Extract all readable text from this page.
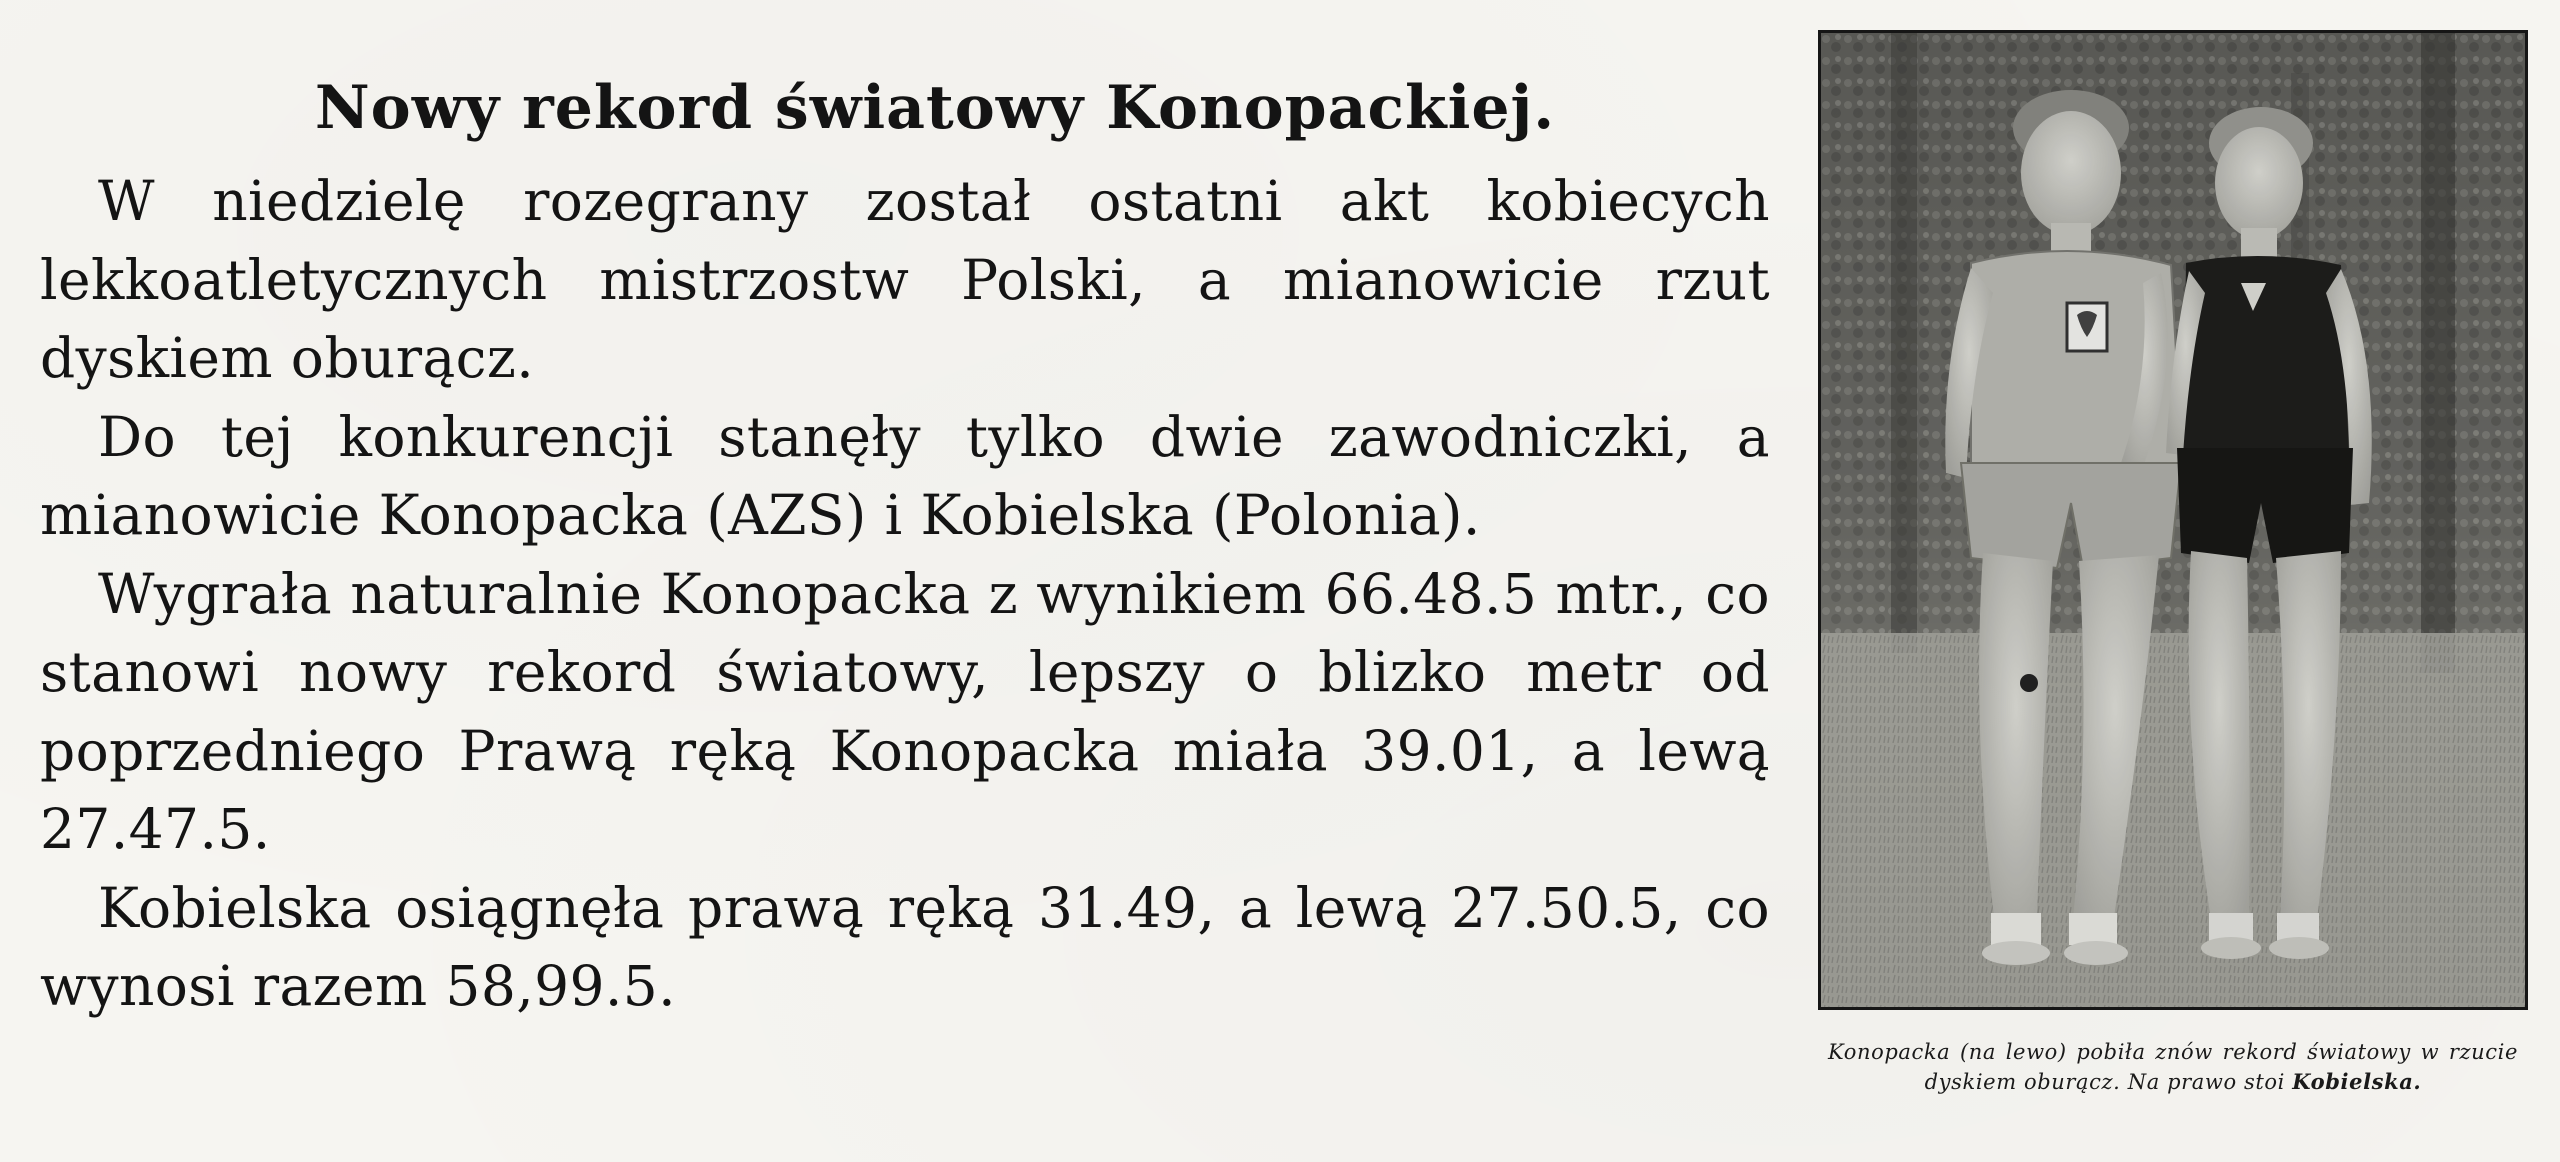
Nowy rekord światowy Konopackiej.

W niedzielę rozegrany został ostatni akt kobiecych lekkoatletycznych mistrzostw Polski, a mianowicie rzut dyskiem oburącz.

Do tej konkurencji stanęły tylko dwie zawodniczki, a mianowicie Konopacka (AZS) i Kobielska (Polonia).

Wygrała naturalnie Konopacka z wynikiem 66.48.5 mtr., co stanowi nowy rekord światowy, lepszy o blizko metr od poprzedniego Prawą ręką Konopacka miała 39.01, a lewą 27.47.5.

Kobielska osiągnęła prawą ręką 31.49, a lewą 27.50.5, co wynosi razem 58,99.5.

Konopacka (na lewo) pobiła znów rekord światowy w rzucie dyskiem oburącz. Na prawo stoi Kobielska.
